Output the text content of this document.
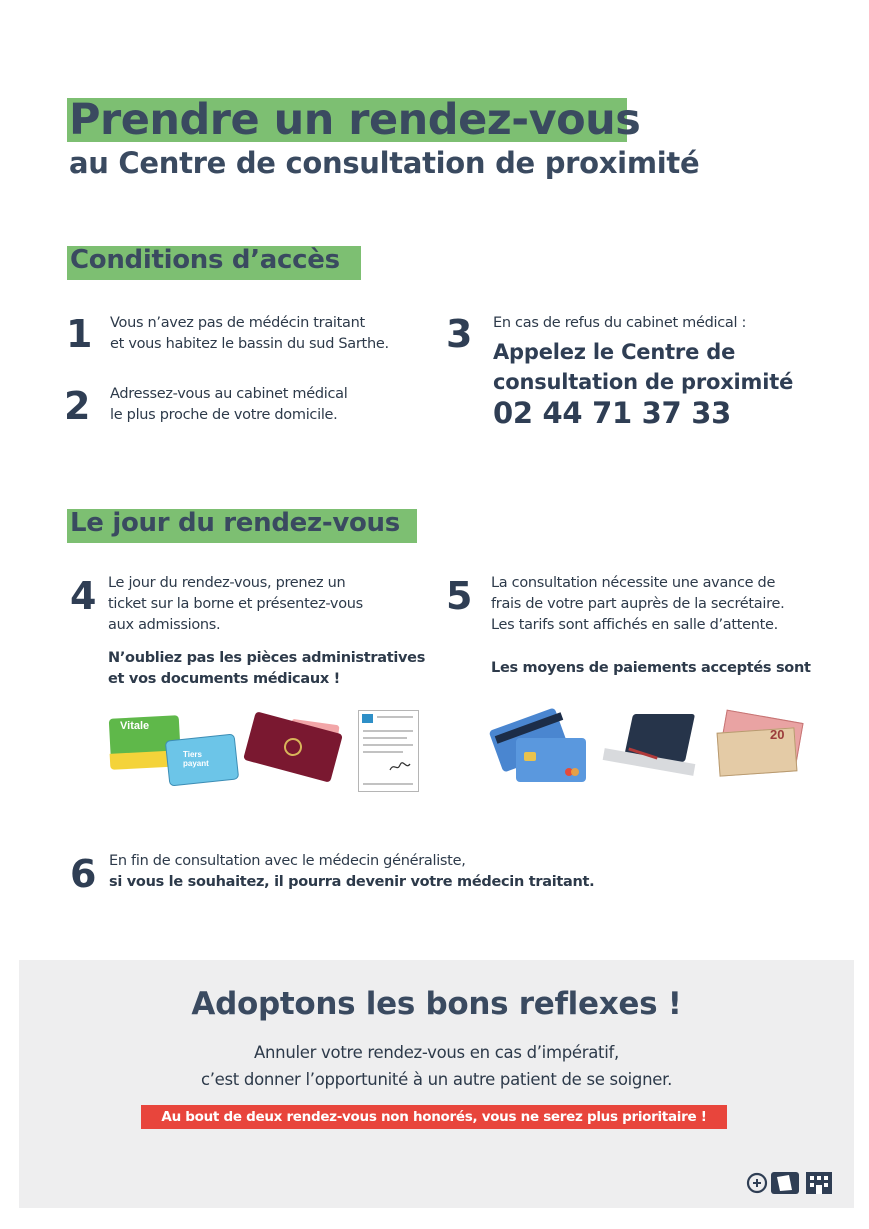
Prendre un rendez-vous
au Centre de consultation de proximité
Conditions d’accès
1 Vous n’avez pas de médécin traitant
et vous habitez le bassin du sud Sarthe.
2 Adressez-vous au cabinet médical
le plus proche de votre domicile.
3 En cas de refus du cabinet médical :
Appelez le Centre de
consultation de proximité
02 44 71 37 33
Le jour du rendez-vous
4 Le jour du rendez-vous, prenez un
ticket sur la borne et présentez-vous
aux admissions.
N’oubliez pas les pièces administratives
et vos documents médicaux !
5 La consultation nécessite une avance de
frais de votre part auprès de la secrétaire.
Les tarifs sont affichés en salle d’attente.
Les moyens de paiements acceptés sont
Vitale
Tiers payant
20
6 En fin de consultation avec le médecin généraliste,
si vous le souhaitez, il pourra devenir votre médecin traitant.
Adoptons les bons reflexes !
Annuler votre rendez-vous en cas d’impératif,
c’est donner l’opportunité à un autre patient de se soigner.
Au bout de deux rendez-vous non honorés, vous ne serez plus prioritaire !
